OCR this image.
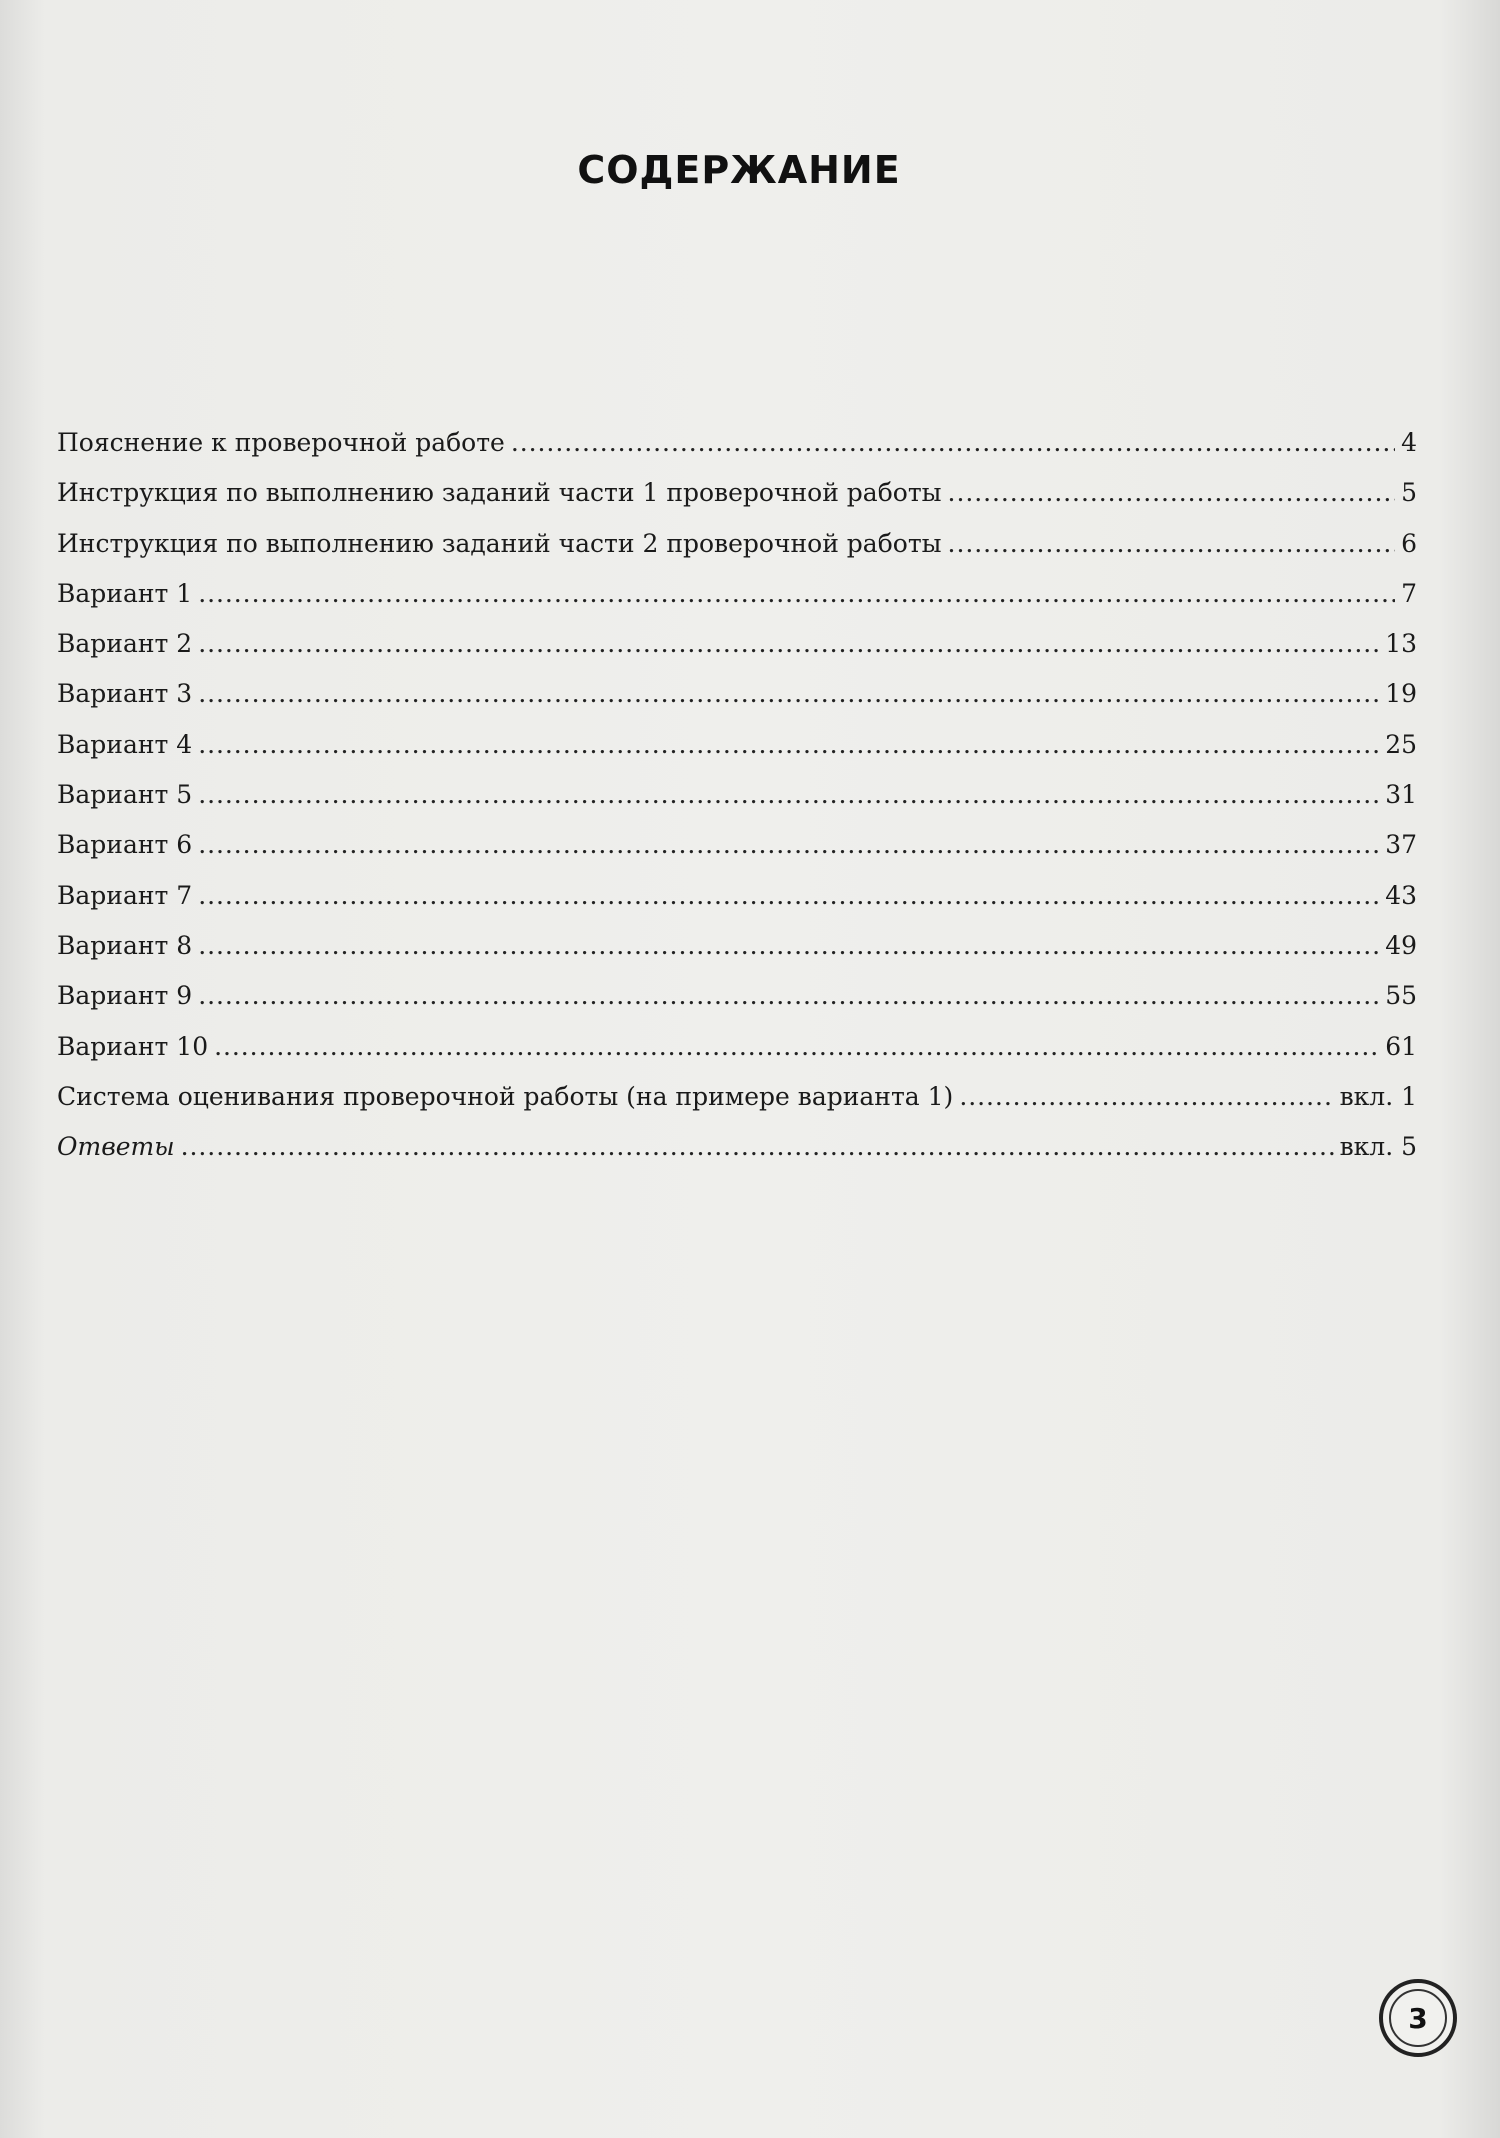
СОДЕРЖАНИЕ
Пояснение к проверочной работе . . .	4
Инструкция по выполнению заданий части 1 проверочной работы . . .	5
Инструкция по выполнению заданий части 2 проверочной работы . . .	6
Вариант 1 . . .	7
Вариант 2 . . .	13
Вариант 3 . . .	19
Вариант 4 . . .	25
Вариант 5 . . .	31
Вариант 6 . . .	37
Вариант 7 . . .	43
Вариант 8 . . .	49
Вариант 9 . . .	55
Вариант 10 . . .	61
Система оценивания проверочной работы (на примере варианта 1) . . .	вкл. 1
Ответы . . .	вкл. 5
3
